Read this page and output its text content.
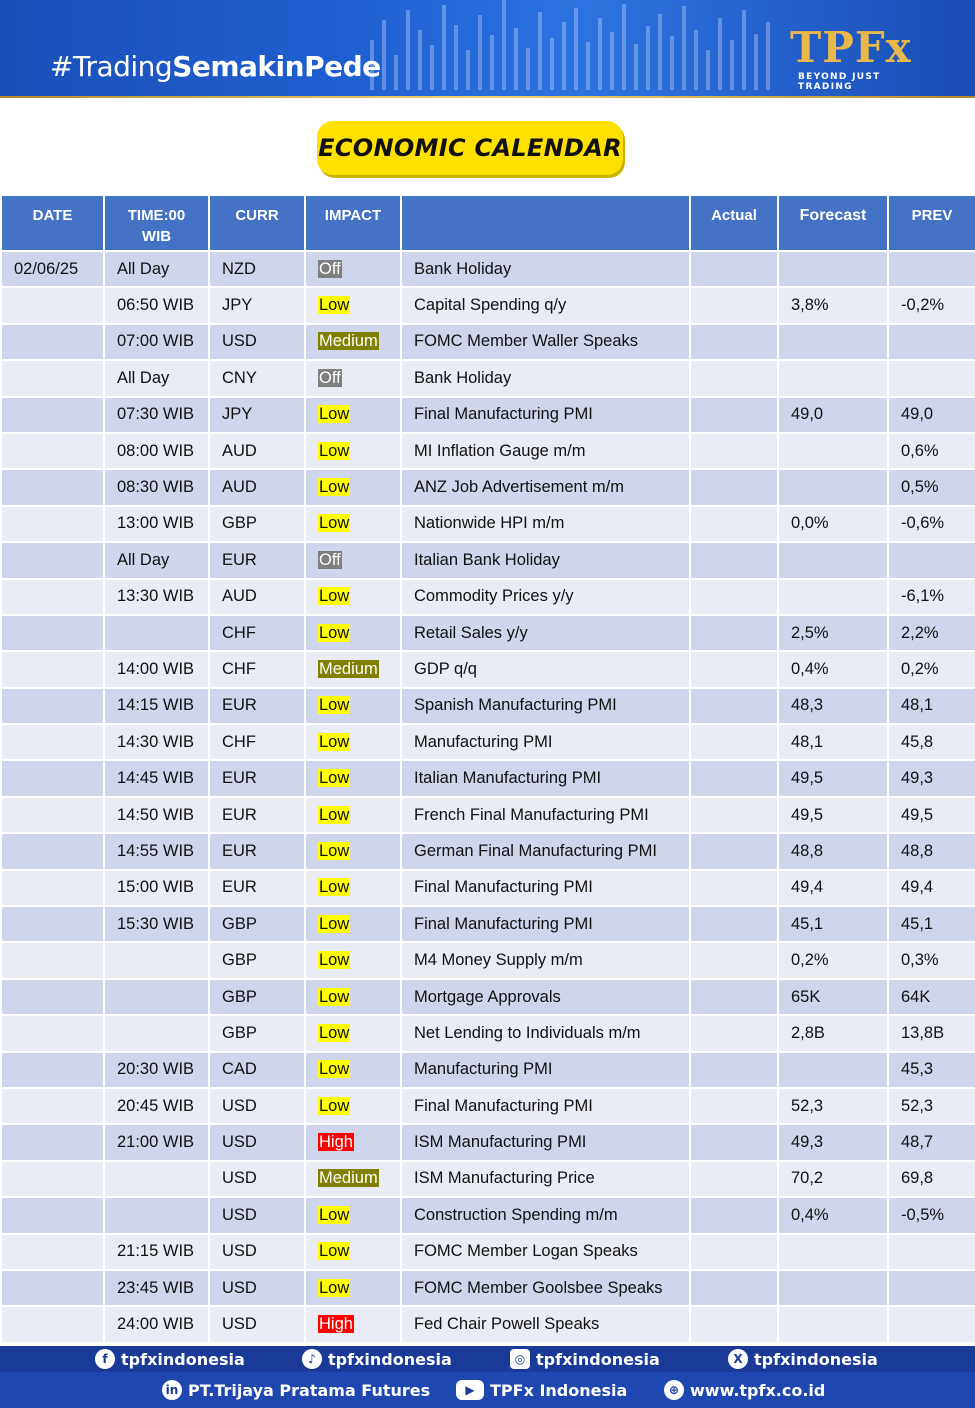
#TradingSemakinPede	TPFx
BEYOND JUST TRADING
ECONOMIC CALENDAR
DATE	TIME:00 WIB	CURR	IMPACT		Actual	Forecast	PREV
02/06/25	All Day	NZD	Off	Bank Holiday			
	06:50 WIB	JPY	Low	Capital Spending q/y		3,8%	-0,2%
	07:00 WIB	USD	Medium	FOMC Member Waller Speaks			
	All Day	CNY	Off	Bank Holiday			
	07:30 WIB	JPY	Low	Final Manufacturing PMI		49,0	49,0
	08:00 WIB	AUD	Low	MI Inflation Gauge m/m			0,6%
	08:30 WIB	AUD	Low	ANZ Job Advertisement m/m			0,5%
	13:00 WIB	GBP	Low	Nationwide HPI m/m		0,0%	-0,6%
	All Day	EUR	Off	Italian Bank Holiday			
	13:30 WIB	AUD	Low	Commodity Prices y/y			-6,1%
		CHF	Low	Retail Sales y/y		2,5%	2,2%
	14:00 WIB	CHF	Medium	GDP q/q		0,4%	0,2%
	14:15 WIB	EUR	Low	Spanish Manufacturing PMI		48,3	48,1
	14:30 WIB	CHF	Low	Manufacturing PMI		48,1	45,8
	14:45 WIB	EUR	Low	Italian Manufacturing PMI		49,5	49,3
	14:50 WIB	EUR	Low	French Final Manufacturing PMI		49,5	49,5
	14:55 WIB	EUR	Low	German Final Manufacturing PMI		48,8	48,8
	15:00 WIB	EUR	Low	Final Manufacturing PMI		49,4	49,4
	15:30 WIB	GBP	Low	Final Manufacturing PMI		45,1	45,1
		GBP	Low	M4 Money Supply m/m		0,2%	0,3%
		GBP	Low	Mortgage Approvals		65K	64K
		GBP	Low	Net Lending to Individuals m/m		2,8B	13,8B
	20:30 WIB	CAD	Low	Manufacturing PMI			45,3
	20:45 WIB	USD	Low	Final Manufacturing PMI		52,3	52,3
	21:00 WIB	USD	High	ISM Manufacturing PMI		49,3	48,7
		USD	Medium	ISM Manufacturing Price		70,2	69,8
		USD	Low	Construction Spending m/m		0,4%	-0,5%
	21:15 WIB	USD	Low	FOMC Member Logan Speaks			
	23:45 WIB	USD	Low	FOMC Member Goolsbee Speaks			
	24:00 WIB	USD	High	Fed Chair Powell Speaks			
f tpfxindonesia	♪ tpfxindonesia	◎ tpfxindonesia	X tpfxindonesia
in PT.Trijaya Pratama Futures	▶ TPFx Indonesia	⊕ www.tpfx.co.id
